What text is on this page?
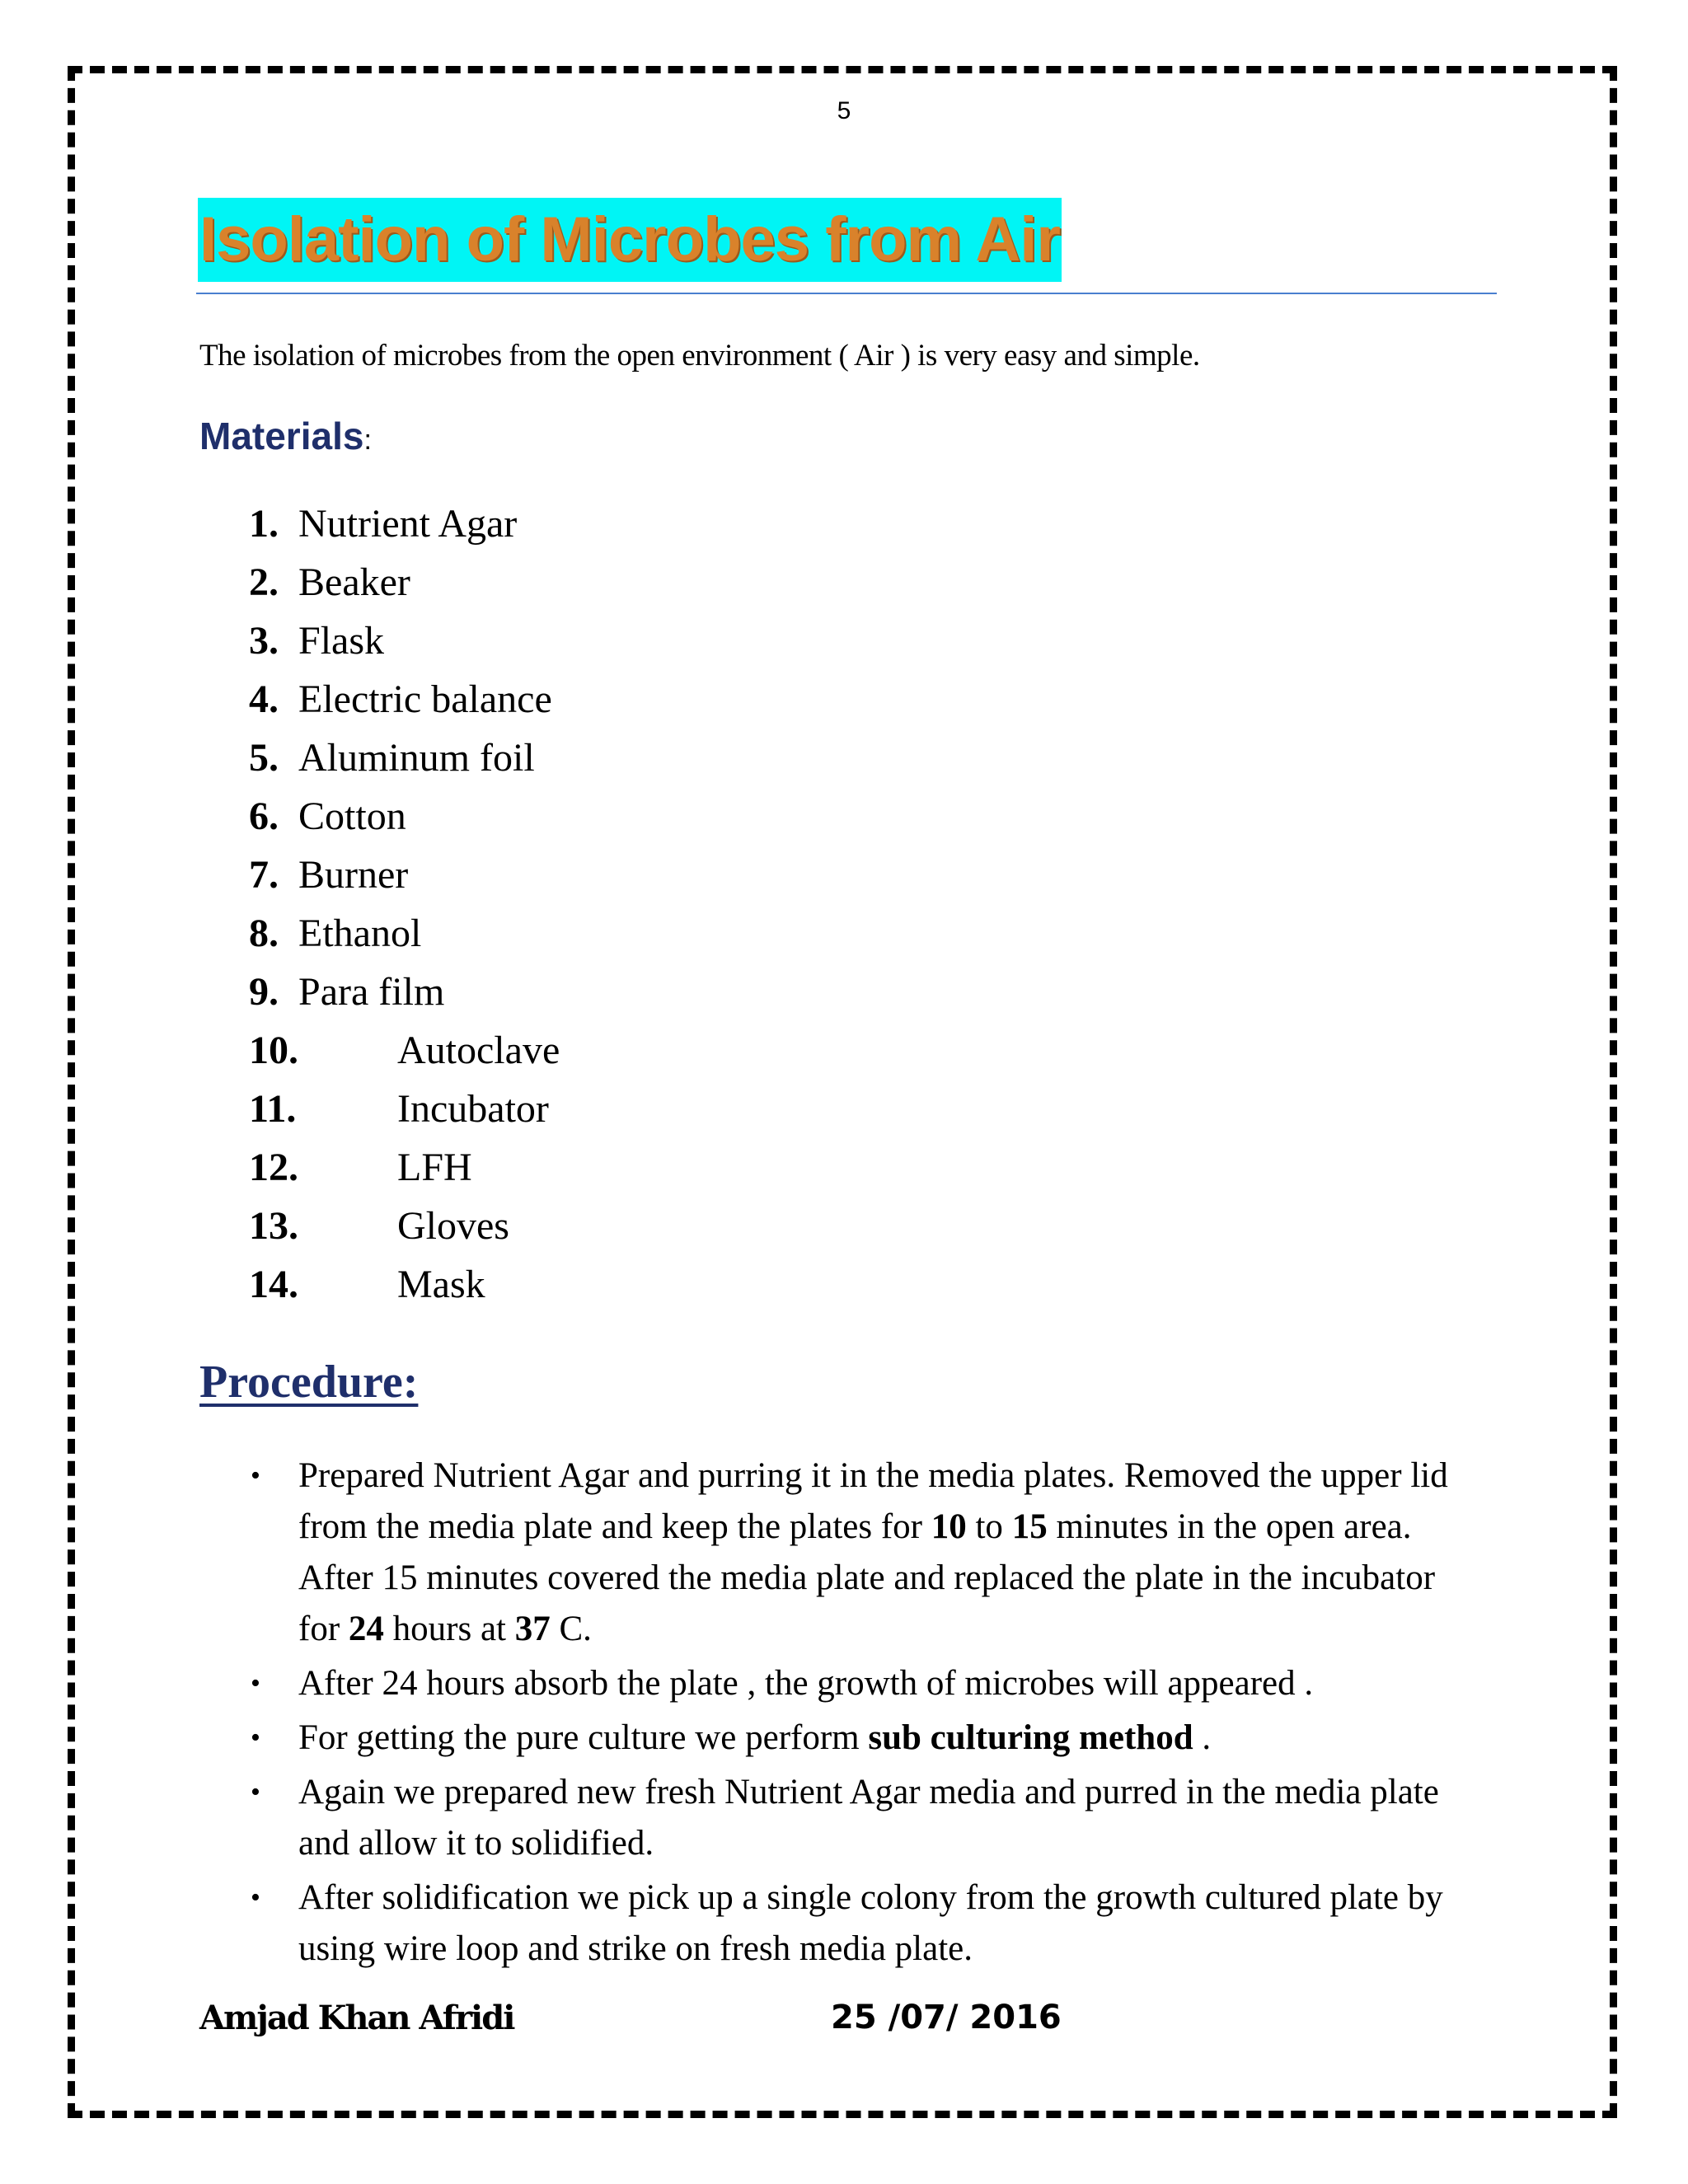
5
Isolation of Microbes from Air
The isolation of microbes from the open environment ( Air ) is very easy and simple.
Materials:
1. Nutrient Agar
2. Beaker
3. Flask
4. Electric balance
5. Aluminum foil
6. Cotton
7. Burner
8. Ethanol
9. Para film
10.	Autoclave
11.	Incubator
12.	LFH
13.	Gloves
14.	Mask
Procedure:
• Prepared Nutrient Agar and purring it in the media plates. Removed the upper lid from the media plate and keep the plates for 10 to 15 minutes in the open area. After 15 minutes covered the media plate and replaced the plate in the incubator for 24 hours at 37 C.
• After 24 hours absorb the plate , the growth of microbes will appeared .
• For getting the pure culture we perform sub culturing method .
• Again we prepared new fresh Nutrient Agar media and purred in the media plate and allow it to solidified.
• After solidification we pick up a single colony from the growth cultured plate by using wire loop and strike on fresh media plate.
Amjad Khan Afridi	25 /07/ 2016
